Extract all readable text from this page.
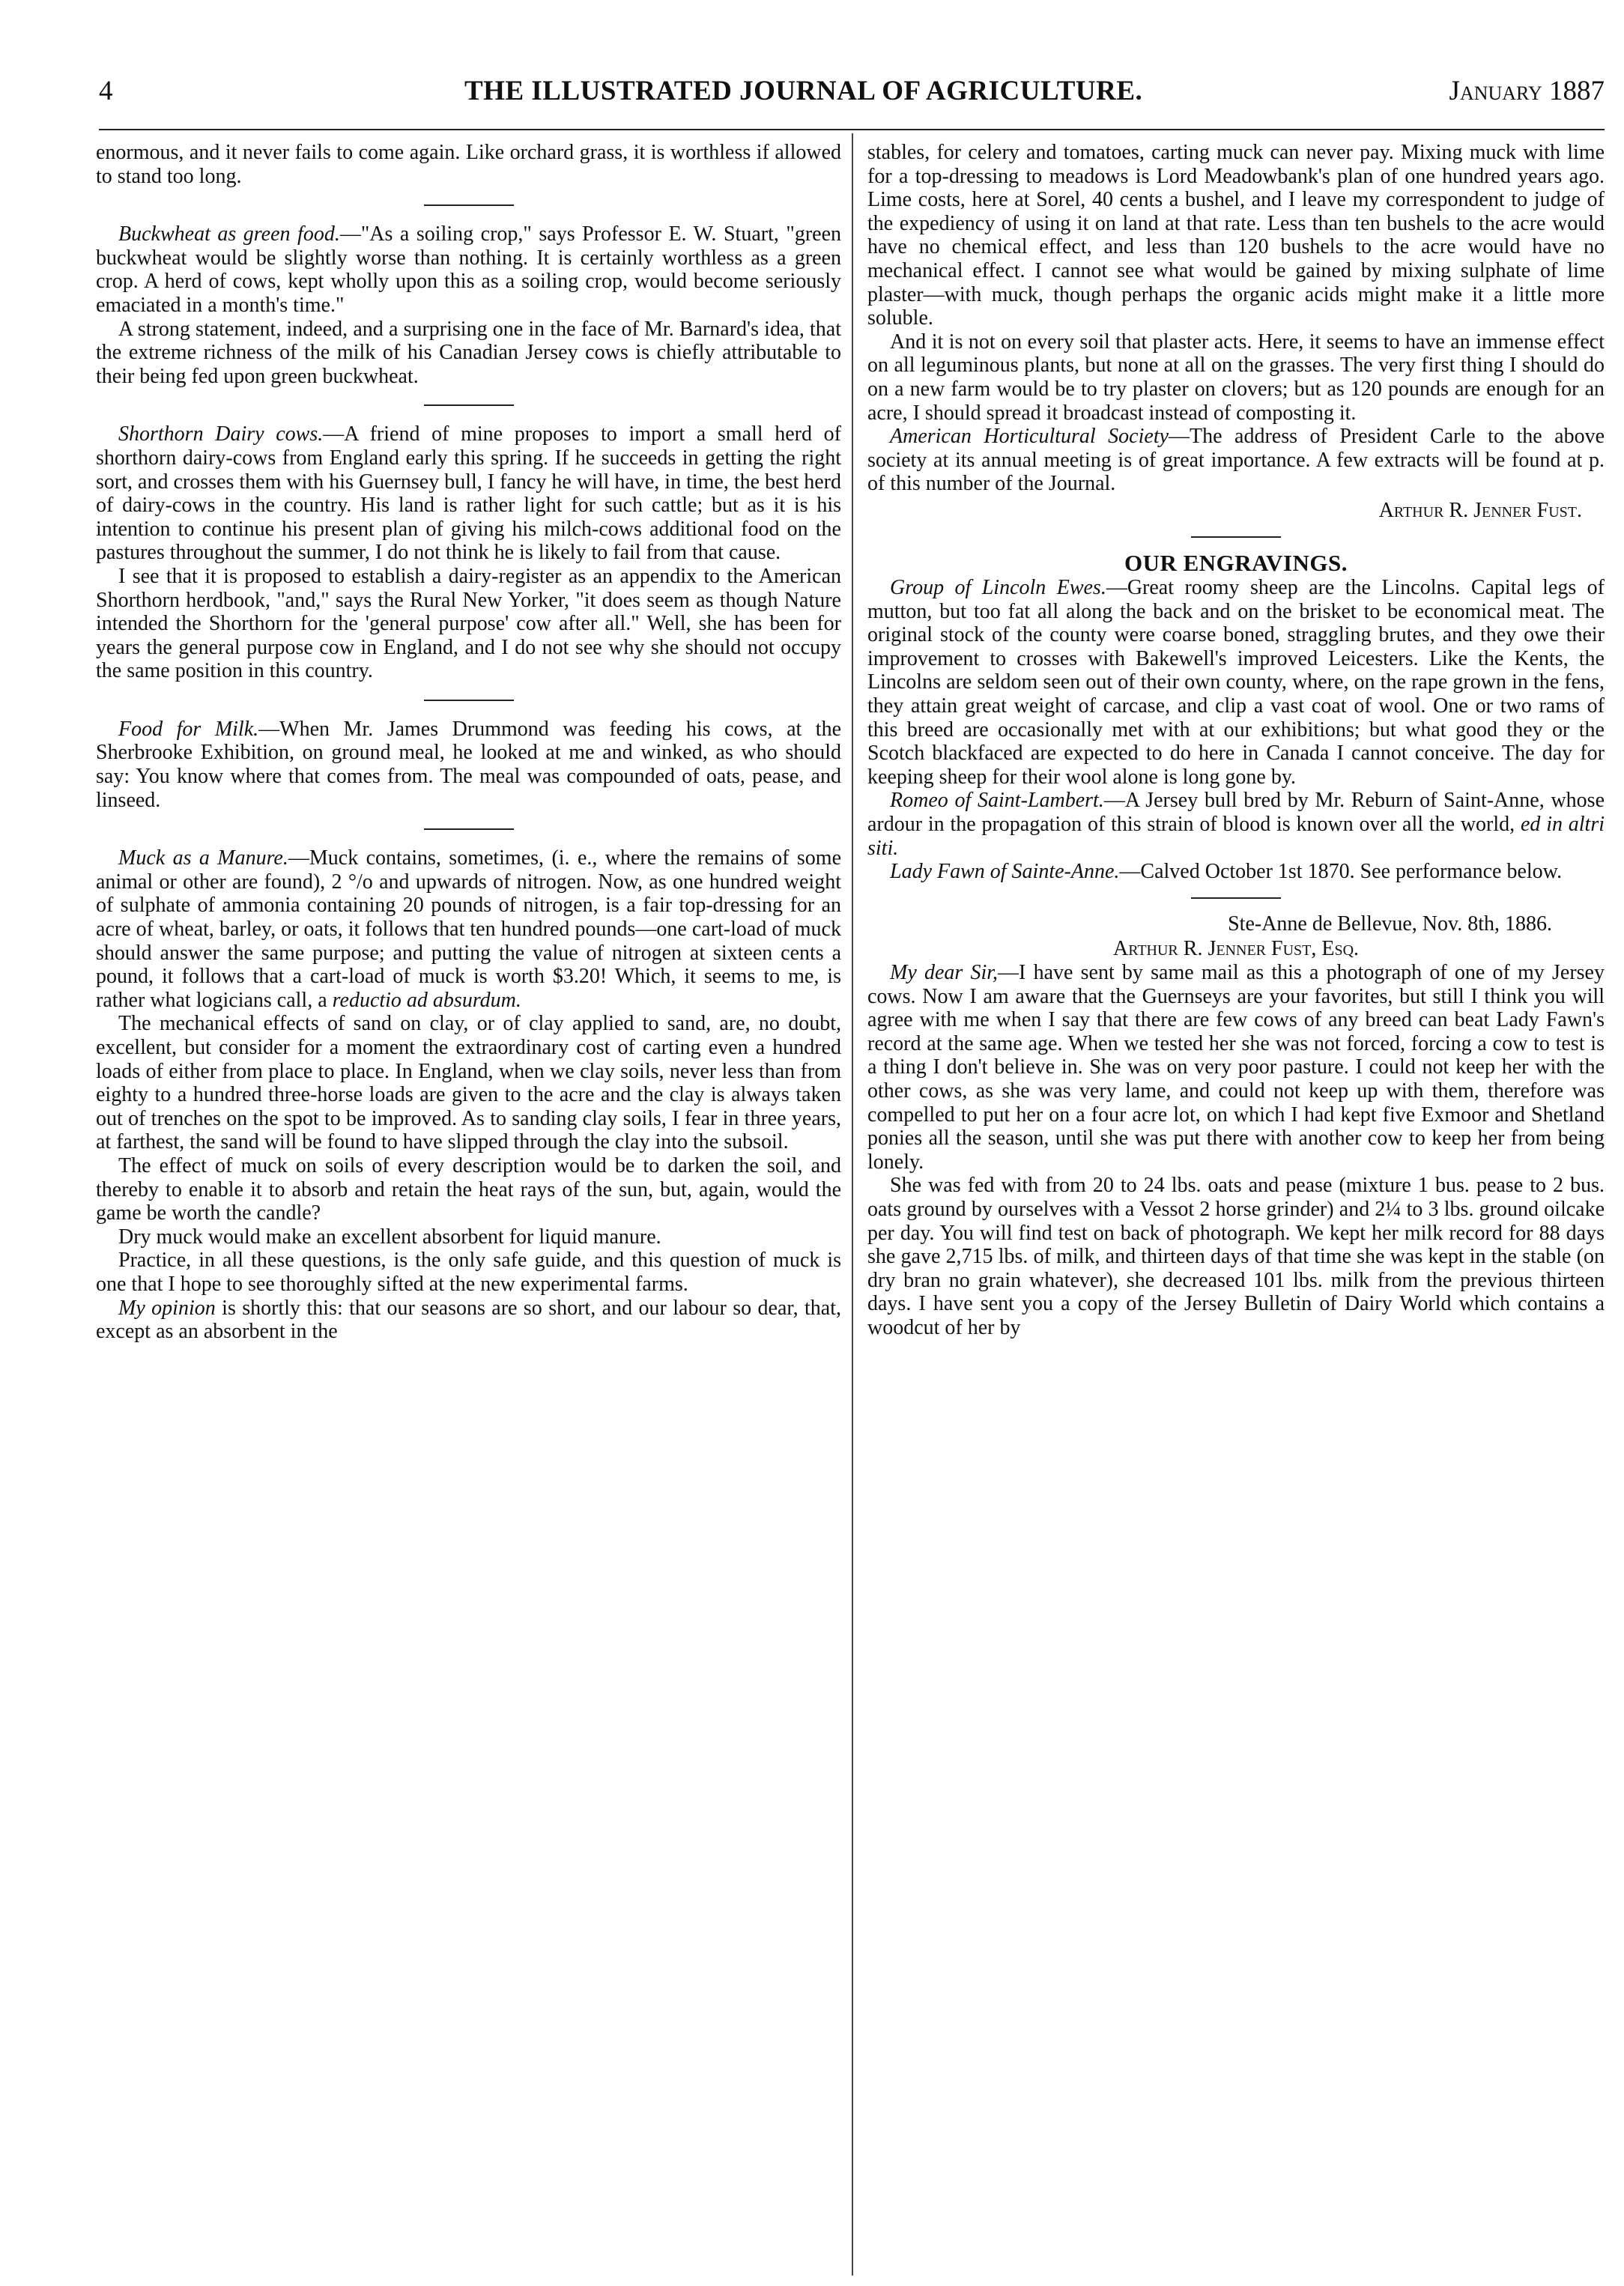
4	THE ILLUSTRATED JOURNAL OF AGRICULTURE.	January 1887

enormous, and it never fails to come again. Like orchard grass, it is worthless if allowed to stand too long.

Buckwheat as green food.—"As a soiling crop," says Professor E. W. Stuart, "green buckwheat would be slightly worse than nothing. It is certainly worthless as a green crop. A herd of cows, kept wholly upon this as a soiling crop, would become seriously emaciated in a month's time."

A strong statement, indeed, and a surprising one in the face of Mr. Barnard's idea, that the extreme richness of the milk of his Canadian Jersey cows is chiefly attributable to their being fed upon green buckwheat.

Shorthorn Dairy cows.—A friend of mine proposes to import a small herd of shorthorn dairy-cows from England early this spring. If he succeeds in getting the right sort, and crosses them with his Guernsey bull, I fancy he will have, in time, the best herd of dairy-cows in the country. His land is rather light for such cattle; but as it is his intention to continue his present plan of giving his milch-cows additional food on the pastures throughout the summer, I do not think he is likely to fail from that cause.

I see that it is proposed to establish a dairy-register as an appendix to the American Shorthorn herdbook, "and," says the Rural New Yorker, "it does seem as though Nature intended the Shorthorn for the 'general purpose' cow after all." Well, she has been for years the general purpose cow in England, and I do not see why she should not occupy the same position in this country.

Food for Milk.—When Mr. James Drummond was feeding his cows, at the Sherbrooke Exhibition, on ground meal, he looked at me and winked, as who should say: You know where that comes from. The meal was compounded of oats, pease, and linseed.

Muck as a Manure.—Muck contains, sometimes, (i. e., where the remains of some animal or other are found), 2 °/o and upwards of nitrogen. Now, as one hundred weight of sulphate of ammonia containing 20 pounds of nitrogen, is a fair top-dressing for an acre of wheat, barley, or oats, it follows that ten hundred pounds—one cart-load of muck should answer the same purpose; and putting the value of nitrogen at sixteen cents a pound, it follows that a cart-load of muck is worth $3.20! Which, it seems to me, is rather what logicians call, a reductio ad absurdum.

The mechanical effects of sand on clay, or of clay applied to sand, are, no doubt, excellent, but consider for a moment the extraordinary cost of carting even a hundred loads of either from place to place. In England, when we clay soils, never less than from eighty to a hundred three-horse loads are given to the acre and the clay is always taken out of trenches on the spot to be improved. As to sanding clay soils, I fear in three years, at farthest, the sand will be found to have slipped through the clay into the subsoil.

The effect of muck on soils of every description would be to darken the soil, and thereby to enable it to absorb and retain the heat rays of the sun, but, again, would the game be worth the candle?

Dry muck would make an excellent absorbent for liquid manure.

Practice, in all these questions, is the only safe guide, and this question of muck is one that I hope to see thoroughly sifted at the new experimental farms.

My opinion is shortly this: that our seasons are so short, and our labour so dear, that, except as an absorbent in the

stables, for celery and tomatoes, carting muck can never pay. Mixing muck with lime for a top-dressing to meadows is Lord Meadowbank's plan of one hundred years ago. Lime costs, here at Sorel, 40 cents a bushel, and I leave my correspondent to judge of the expediency of using it on land at that rate. Less than ten bushels to the acre would have no chemical effect, and less than 120 bushels to the acre would have no mechanical effect. I cannot see what would be gained by mixing sulphate of lime plaster—with muck, though perhaps the organic acids might make it a little more soluble.

And it is not on every soil that plaster acts. Here, it seems to have an immense effect on all leguminous plants, but none at all on the grasses. The very first thing I should do on a new farm would be to try plaster on clovers; but as 120 pounds are enough for an acre, I should spread it broadcast instead of composting it.

American Horticultural Society—The address of President Carle to the above society at its annual meeting is of great importance. A few extracts will be found at p. of this number of the Journal.

Arthur R. Jenner Fust.
OUR ENGRAVINGS.

Group of Lincoln Ewes.—Great roomy sheep are the Lincolns. Capital legs of mutton, but too fat all along the back and on the brisket to be economical meat. The original stock of the county were coarse boned, straggling brutes, and they owe their improvement to crosses with Bakewell's improved Leicesters. Like the Kents, the Lincolns are seldom seen out of their own county, where, on the rape grown in the fens, they attain great weight of carcase, and clip a vast coat of wool. One or two rams of this breed are occasionally met with at our exhibitions; but what good they or the Scotch blackfaced are expected to do here in Canada I cannot conceive. The day for keeping sheep for their wool alone is long gone by.

Romeo of Saint-Lambert.—A Jersey bull bred by Mr. Reburn of Saint-Anne, whose ardour in the propagation of this strain of blood is known over all the world, ed in altri siti.

Lady Fawn of Sainte-Anne.—Calved October 1st 1870. See performance below.

Ste-Anne de Bellevue, Nov. 8th, 1886.
Arthur R. Jenner Fust, Esq.

My dear Sir,—I have sent by same mail as this a photograph of one of my Jersey cows. Now I am aware that the Guernseys are your favorites, but still I think you will agree with me when I say that there are few cows of any breed can beat Lady Fawn's record at the same age. When we tested her she was not forced, forcing a cow to test is a thing I don't believe in. She was on very poor pasture. I could not keep her with the other cows, as she was very lame, and could not keep up with them, therefore was compelled to put her on a four acre lot, on which I had kept five Exmoor and Shetland ponies all the season, until she was put there with another cow to keep her from being lonely.

She was fed with from 20 to 24 lbs. oats and pease (mixture 1 bus. pease to 2 bus. oats ground by ourselves with a Vessot 2 horse grinder) and 2¼ to 3 lbs. ground oilcake per day. You will find test on back of photograph. We kept her milk record for 88 days she gave 2,715 lbs. of milk, and thirteen days of that time she was kept in the stable (on dry bran no grain whatever), she decreased 101 lbs. milk from the previous thirteen days. I have sent you a copy of the Jersey Bulletin of Dairy World which contains a woodcut of her by
